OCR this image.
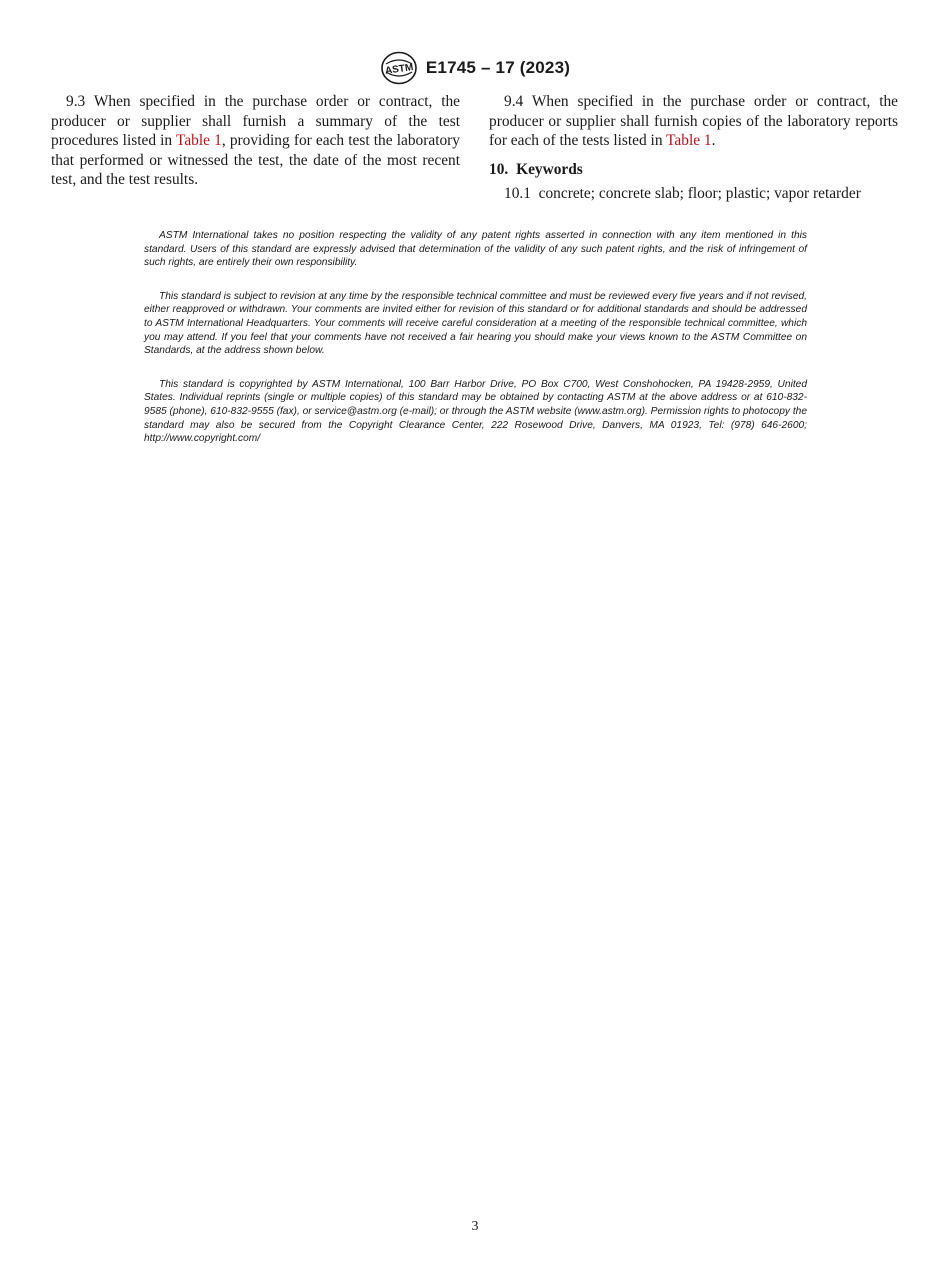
ASTM E1745 – 17 (2023)

9.3 When specified in the purchase order or contract, the producer or supplier shall furnish a summary of the test procedures listed in Table 1, providing for each test the laboratory that performed or witnessed the test, the date of the most recent test, and the test results.

9.4 When specified in the purchase order or contract, the producer or supplier shall furnish copies of the laboratory reports for each of the tests listed in Table 1.

10. Keywords

10.1 concrete; concrete slab; floor; plastic; vapor retarder

ASTM International takes no position respecting the validity of any patent rights asserted in connection with any item mentioned in this standard. Users of this standard are expressly advised that determination of the validity of any such patent rights, and the risk of infringement of such rights, are entirely their own responsibility.

This standard is subject to revision at any time by the responsible technical committee and must be reviewed every five years and if not revised, either reapproved or withdrawn. Your comments are invited either for revision of this standard or for additional standards and should be addressed to ASTM International Headquarters. Your comments will receive careful consideration at a meeting of the responsible technical committee, which you may attend. If you feel that your comments have not received a fair hearing you should make your views known to the ASTM Committee on Standards, at the address shown below.

This standard is copyrighted by ASTM International, 100 Barr Harbor Drive, PO Box C700, West Conshohocken, PA 19428-2959, United States. Individual reprints (single or multiple copies) of this standard may be obtained by contacting ASTM at the above address or at 610-832-9585 (phone), 610-832-9555 (fax), or service@astm.org (e-mail); or through the ASTM website (www.astm.org). Permission rights to photocopy the standard may also be secured from the Copyright Clearance Center, 222 Rosewood Drive, Danvers, MA 01923, Tel: (978) 646-2600; http://www.copyright.com/

3
